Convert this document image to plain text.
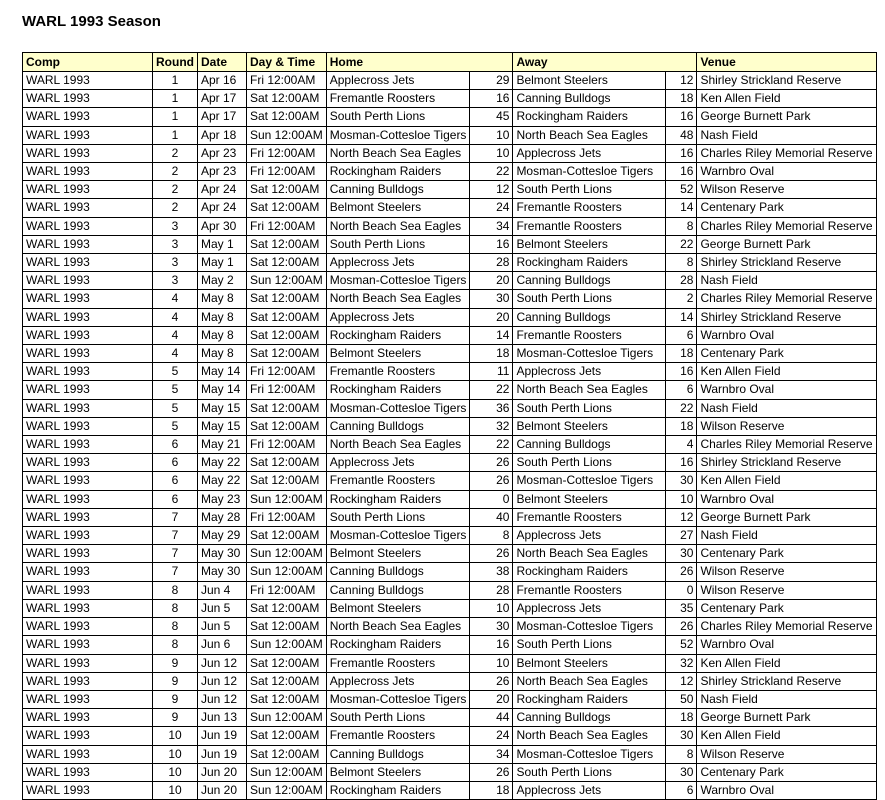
WARL 1993 Season
Comp	Round	Date	Day & Time	Home		Away		Venue
WARL 1993	1	Apr 16	Fri 12:00AM	Applecross Jets	29	Belmont Steelers	12	Shirley Strickland Reserve
WARL 1993	1	Apr 17	Sat 12:00AM	Fremantle Roosters	16	Canning Bulldogs	18	Ken Allen Field
WARL 1993	1	Apr 17	Sat 12:00AM	South Perth Lions	45	Rockingham Raiders	16	George Burnett Park
WARL 1993	1	Apr 18	Sun 12:00AM	Mosman-Cottesloe Tigers	10	North Beach Sea Eagles	48	Nash Field
WARL 1993	2	Apr 23	Fri 12:00AM	North Beach Sea Eagles	10	Applecross Jets	16	Charles Riley Memorial Reserve
WARL 1993	2	Apr 23	Fri 12:00AM	Rockingham Raiders	22	Mosman-Cottesloe Tigers	16	Warnbro Oval
WARL 1993	2	Apr 24	Sat 12:00AM	Canning Bulldogs	12	South Perth Lions	52	Wilson Reserve
WARL 1993	2	Apr 24	Sat 12:00AM	Belmont Steelers	24	Fremantle Roosters	14	Centenary Park
WARL 1993	3	Apr 30	Fri 12:00AM	North Beach Sea Eagles	34	Fremantle Roosters	8	Charles Riley Memorial Reserve
WARL 1993	3	May 1	Sat 12:00AM	South Perth Lions	16	Belmont Steelers	22	George Burnett Park
WARL 1993	3	May 1	Sat 12:00AM	Applecross Jets	28	Rockingham Raiders	8	Shirley Strickland Reserve
WARL 1993	3	May 2	Sun 12:00AM	Mosman-Cottesloe Tigers	20	Canning Bulldogs	28	Nash Field
WARL 1993	4	May 8	Sat 12:00AM	North Beach Sea Eagles	30	South Perth Lions	2	Charles Riley Memorial Reserve
WARL 1993	4	May 8	Sat 12:00AM	Applecross Jets	20	Canning Bulldogs	14	Shirley Strickland Reserve
WARL 1993	4	May 8	Sat 12:00AM	Rockingham Raiders	14	Fremantle Roosters	6	Warnbro Oval
WARL 1993	4	May 8	Sat 12:00AM	Belmont Steelers	18	Mosman-Cottesloe Tigers	18	Centenary Park
WARL 1993	5	May 14	Fri 12:00AM	Fremantle Roosters	11	Applecross Jets	16	Ken Allen Field
WARL 1993	5	May 14	Fri 12:00AM	Rockingham Raiders	22	North Beach Sea Eagles	6	Warnbro Oval
WARL 1993	5	May 15	Sat 12:00AM	Mosman-Cottesloe Tigers	36	South Perth Lions	22	Nash Field
WARL 1993	5	May 15	Sat 12:00AM	Canning Bulldogs	32	Belmont Steelers	18	Wilson Reserve
WARL 1993	6	May 21	Fri 12:00AM	North Beach Sea Eagles	22	Canning Bulldogs	4	Charles Riley Memorial Reserve
WARL 1993	6	May 22	Sat 12:00AM	Applecross Jets	26	South Perth Lions	16	Shirley Strickland Reserve
WARL 1993	6	May 22	Sat 12:00AM	Fremantle Roosters	26	Mosman-Cottesloe Tigers	30	Ken Allen Field
WARL 1993	6	May 23	Sun 12:00AM	Rockingham Raiders	0	Belmont Steelers	10	Warnbro Oval
WARL 1993	7	May 28	Fri 12:00AM	South Perth Lions	40	Fremantle Roosters	12	George Burnett Park
WARL 1993	7	May 29	Sat 12:00AM	Mosman-Cottesloe Tigers	8	Applecross Jets	27	Nash Field
WARL 1993	7	May 30	Sun 12:00AM	Belmont Steelers	26	North Beach Sea Eagles	30	Centenary Park
WARL 1993	7	May 30	Sun 12:00AM	Canning Bulldogs	38	Rockingham Raiders	26	Wilson Reserve
WARL 1993	8	Jun 4	Fri 12:00AM	Canning Bulldogs	28	Fremantle Roosters	0	Wilson Reserve
WARL 1993	8	Jun 5	Sat 12:00AM	Belmont Steelers	10	Applecross Jets	35	Centenary Park
WARL 1993	8	Jun 5	Sat 12:00AM	North Beach Sea Eagles	30	Mosman-Cottesloe Tigers	26	Charles Riley Memorial Reserve
WARL 1993	8	Jun 6	Sun 12:00AM	Rockingham Raiders	16	South Perth Lions	52	Warnbro Oval
WARL 1993	9	Jun 12	Sat 12:00AM	Fremantle Roosters	10	Belmont Steelers	32	Ken Allen Field
WARL 1993	9	Jun 12	Sat 12:00AM	Applecross Jets	26	North Beach Sea Eagles	12	Shirley Strickland Reserve
WARL 1993	9	Jun 12	Sat 12:00AM	Mosman-Cottesloe Tigers	20	Rockingham Raiders	50	Nash Field
WARL 1993	9	Jun 13	Sun 12:00AM	South Perth Lions	44	Canning Bulldogs	18	George Burnett Park
WARL 1993	10	Jun 19	Sat 12:00AM	Fremantle Roosters	24	North Beach Sea Eagles	30	Ken Allen Field
WARL 1993	10	Jun 19	Sat 12:00AM	Canning Bulldogs	34	Mosman-Cottesloe Tigers	8	Wilson Reserve
WARL 1993	10	Jun 20	Sun 12:00AM	Belmont Steelers	26	South Perth Lions	30	Centenary Park
WARL 1993	10	Jun 20	Sun 12:00AM	Rockingham Raiders	18	Applecross Jets	6	Warnbro Oval
